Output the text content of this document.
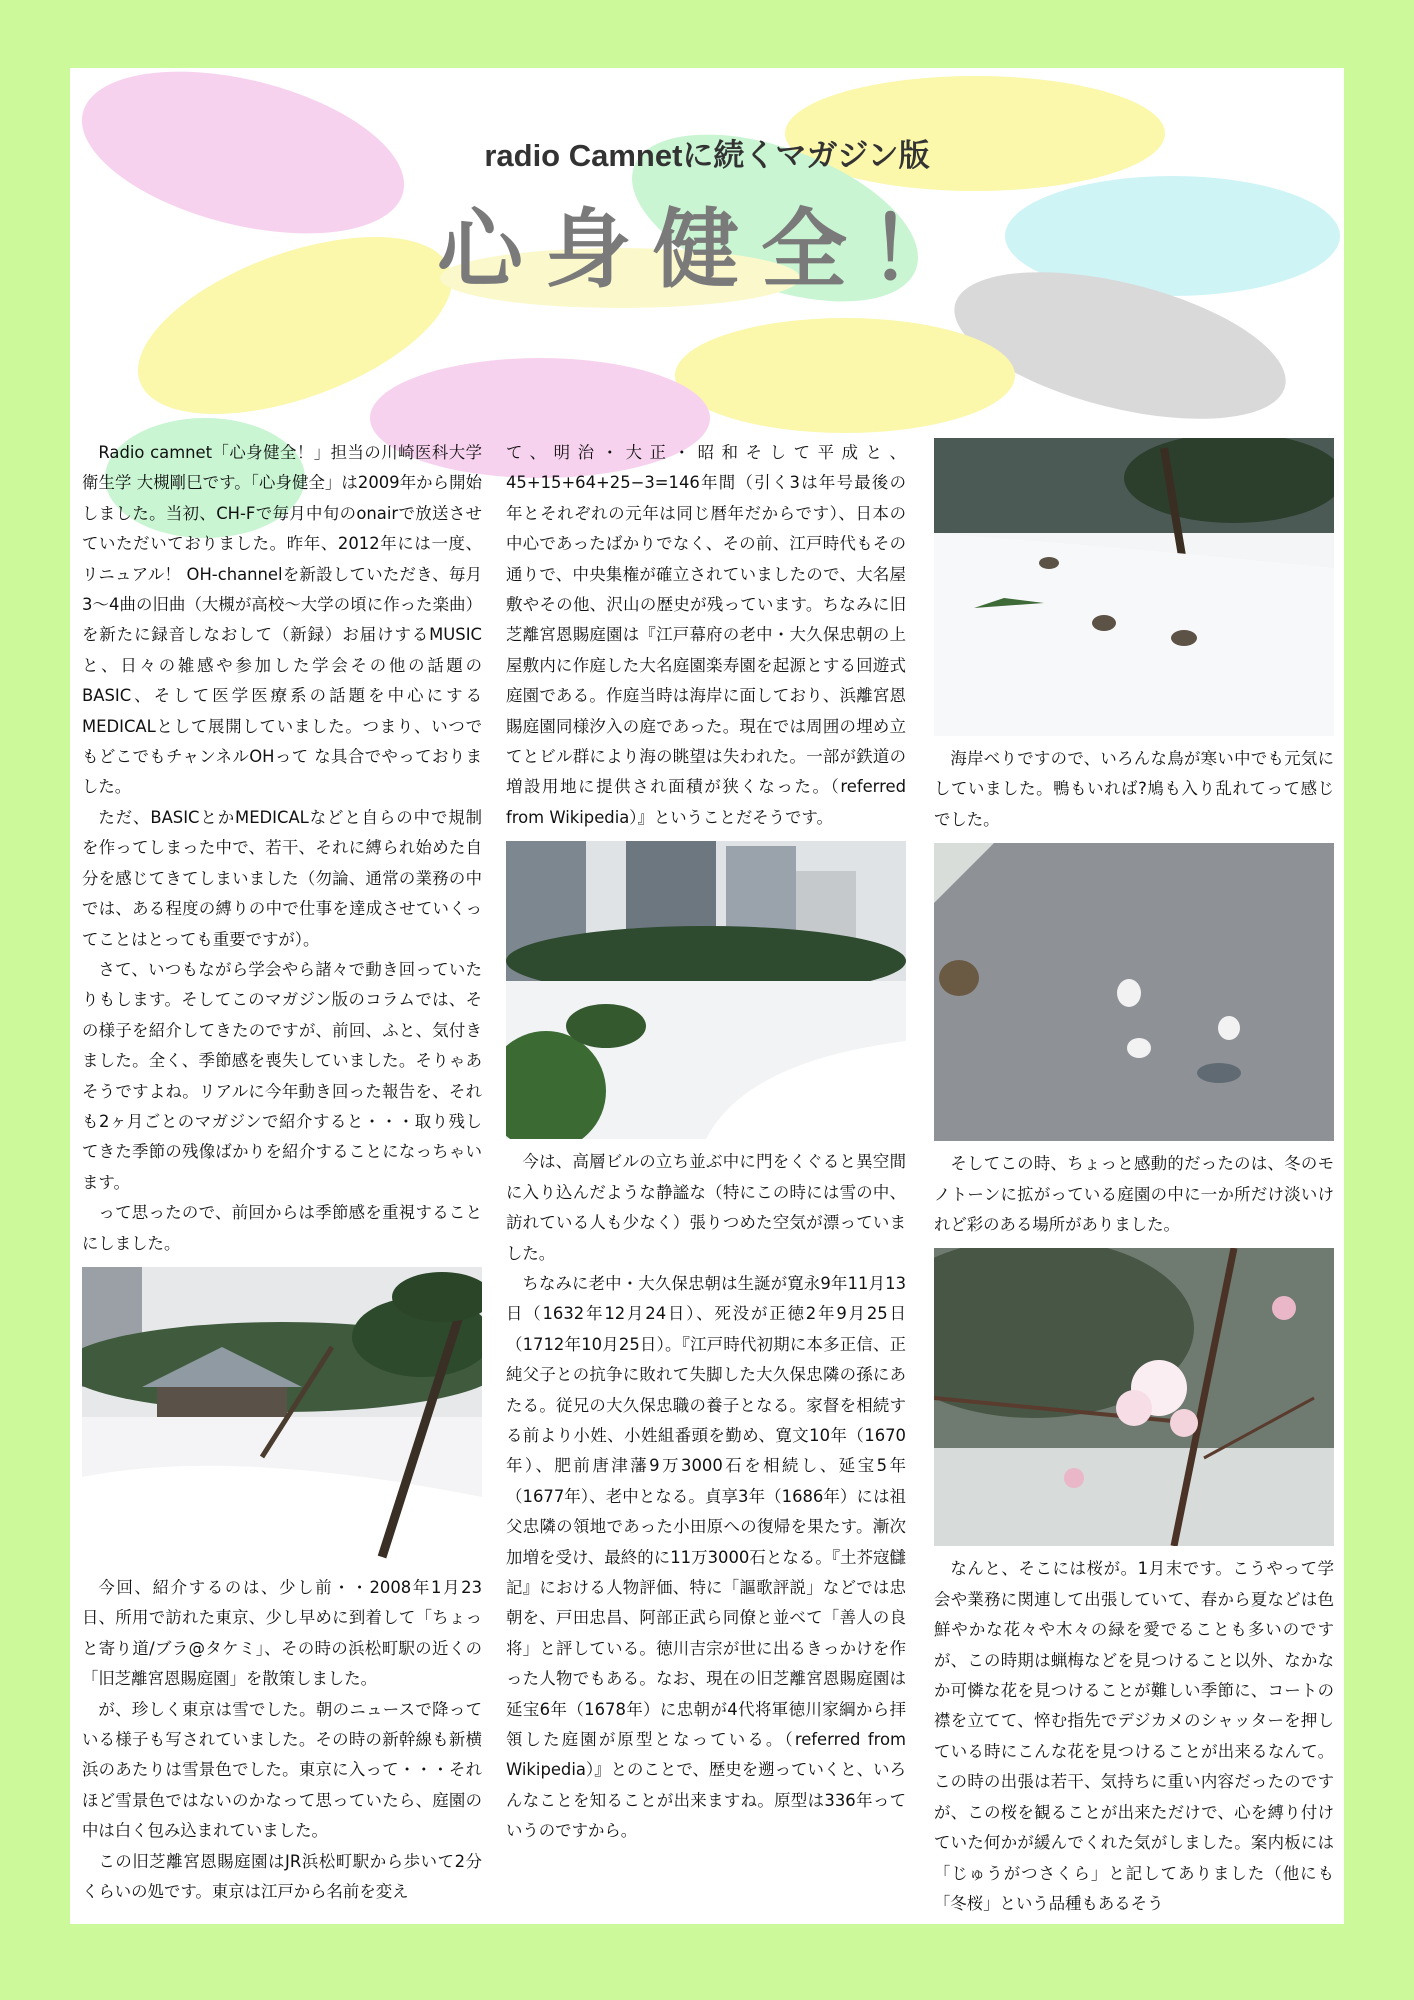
radio Camnetに続くマガジン版
心身健全！

Radio camnet「心身健全！」担当の川崎医科大学 衛生学 大槻剛巳です。「心身健全」は2009年から開始しました。当初、CH-Fで毎月中旬のonairで放送させていただいておりました。昨年、2012年には一度、リニュアル！ OH-channelを新設していただき、毎月3～4曲の旧曲（大槻が高校～大学の頃に作った楽曲）を新たに録音しなおして（新録）お届けするMUSICと、日々の雑感や参加した学会その他の話題のBASIC、そして医学医療系の話題を中心にするMEDICALとして展開していました。つまり、いつでもどこでもチャンネルOHって な具合でやっておりました。

ただ、BASICとかMEDICALなどと自らの中で規制を作ってしまった中で、若干、それに縛られ始めた自分を感じてきてしまいました（勿論、通常の業務の中では、ある程度の縛りの中で仕事を達成させていくってことはとっても重要ですが）。

さて、いつもながら学会やら諸々で動き回っていたりもします。そしてこのマガジン版のコラムでは、その様子を紹介してきたのですが、前回、ふと、気付きました。全く、季節感を喪失していました。そりゃあそうですよね。リアルに今年動き回った報告を、それも2ヶ月ごとのマガジンで紹介すると・・・取り残してきた季節の残像ばかりを紹介することになっちゃいます。

って思ったので、前回からは季節感を重視することにしました。

今回、紹介するのは、少し前・・2008年1月23日、所用で訪れた東京、少し早めに到着して「ちょっと寄り道/ブラ@タケミ」、その時の浜松町駅の近くの「旧芝離宮恩賜庭園」を散策しました。

が、珍しく東京は雪でした。朝のニュースで降っている様子も写されていました。その時の新幹線も新横浜のあたりは雪景色でした。東京に入って・・・それほど雪景色ではないのかなって思っていたら、庭園の中は白く包み込まれていました。

この旧芝離宮恩賜庭園はJR浜松町駅から歩いて2分くらいの処です。東京は江戸から名前を変え

て、明治・大正・昭和そして平成と、45+15+64+25−3=146年間（引く3は年号最後の年とそれぞれの元年は同じ暦年だからです）、日本の中心であったばかりでなく、その前、江戸時代もその通りで、中央集権が確立されていましたので、大名屋敷やその他、沢山の歴史が残っています。ちなみに旧芝離宮恩賜庭園は『江戸幕府の老中・大久保忠朝の上屋敷内に作庭した大名庭園楽寿園を起源とする回遊式庭園である。作庭当時は海岸に面しており、浜離宮恩賜庭園同様汐入の庭であった。現在では周囲の埋め立てとビル群により海の眺望は失われた。一部が鉄道の増設用地に提供され面積が狭くなった。（referred from Wikipedia）』ということだそうです。

今は、高層ビルの立ち並ぶ中に門をくぐると異空間に入り込んだような静謐な（特にこの時には雪の中、訪れている人も少なく）張りつめた空気が漂っていました。

ちなみに老中・大久保忠朝は生誕が寛永9年11月13日（1632年12月24日）、死没が正徳2年9月25日（1712年10月25日）。『江戸時代初期に本多正信、正純父子との抗争に敗れて失脚した大久保忠隣の孫にあたる。従兄の大久保忠職の養子となる。家督を相続する前より小姓、小姓組番頭を勤め、寛文10年（1670年）、肥前唐津藩9万3000石を相続し、延宝5年（1677年）、老中となる。貞享3年（1686年）には祖父忠隣の領地であった小田原への復帰を果たす。漸次加増を受け、最終的に11万3000石となる。『土芥寇讎記』における人物評価、特に「謳歌評説」などでは忠朝を、戸田忠昌、阿部正武ら同僚と並べて「善人の良将」と評している。徳川吉宗が世に出るきっかけを作った人物でもある。なお、現在の旧芝離宮恩賜庭園は延宝6年（1678年）に忠朝が4代将軍徳川家綱から拝領した庭園が原型となっている。（referred from Wikipedia）』とのことで、歴史を遡っていくと、いろんなことを知ることが出来ますね。原型は336年っていうのですから。

海岸べりですので、いろんな鳥が寒い中でも元気にしていました。鴨もいれば?鳩も入り乱れてって感じでした。

そしてこの時、ちょっと感動的だったのは、冬のモノトーンに拡がっている庭園の中に一か所だけ淡いけれど彩のある場所がありました。

なんと、そこには桜が。1月末です。こうやって学会や業務に関連して出張していて、春から夏などは色鮮やかな花々や木々の緑を愛でることも多いのですが、この時期は蝋梅などを見つけること以外、なかなか可憐な花を見つけることが難しい季節に、コートの襟を立てて、悴む指先でデジカメのシャッターを押している時にこんな花を見つけることが出来るなんて。この時の出張は若干、気持ちに重い内容だったのですが、この桜を観ることが出来ただけで、心を縛り付けていた何かが緩んでくれた気がしました。案内板には「じゅうがつさくら」と記してありました（他にも「冬桜」という品種もあるそう
